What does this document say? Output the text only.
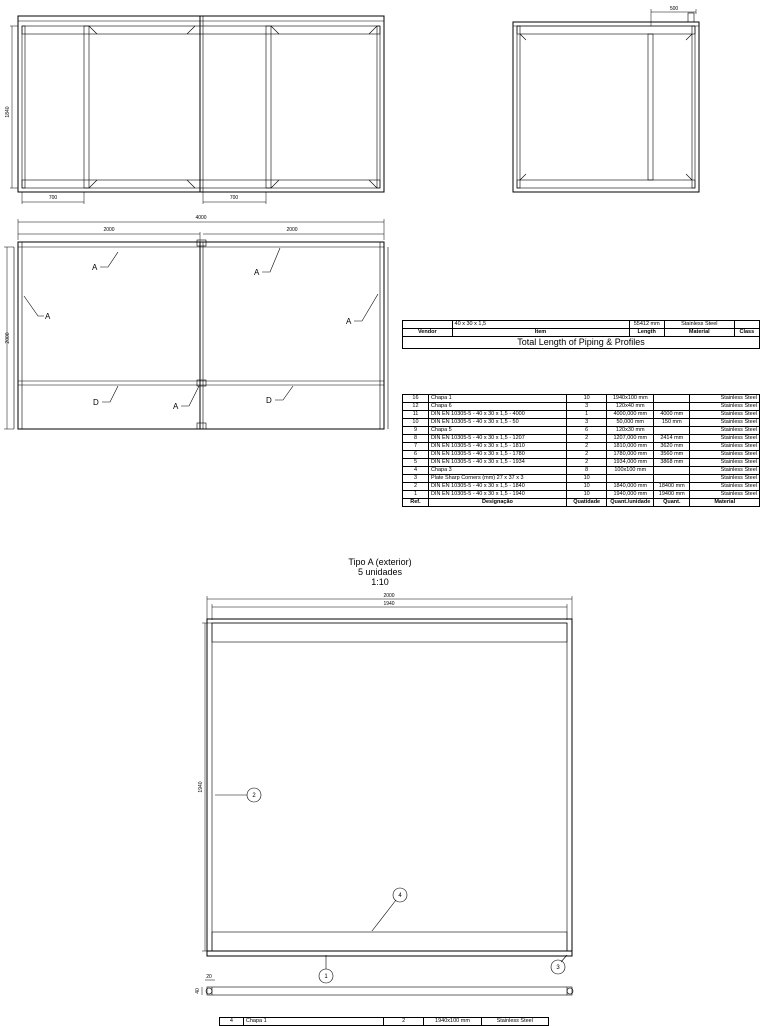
1840
700	700
500
4000
2000	2000
2000
A
A
A
A
A
D	D
2000
1940
1940
2
4
1
3
20
40
	40 x 30 x 1,5	55412 mm	Stainless Steel	
Vendor	Item	Length	Material	Class
Total Length of Piping & Profiles				
16	Chapa 1	10	1940x100 mm		Stainless Steel
12	Chapa 6	3	120x40 mm		Stainless Steel
11	DIN EN 10305-5 - 40 x 30 x 1,5 - 4000	1	4000,000 mm	4000 mm	Stainless Steel
10	DIN EN 10305-5 - 40 x 30 x 1,5 - 50	3	50,000 mm	150 mm	Stainless Steel
9	Chapa 5	6	120x30 mm		Stainless Steel
8	DIN EN 10305-5 - 40 x 30 x 1,5 - 1207	2	1207,000 mm	2414 mm	Stainless Steel
7	DIN EN 10305-5 - 40 x 30 x 1,5 - 1810	2	1810,000 mm	3620 mm	Stainless Steel
6	DIN EN 10305-5 - 40 x 30 x 1,5 - 1780	2	1780,000 mm	3560 mm	Stainless Steel
5	DIN EN 10305-5 - 40 x 30 x 1,5 - 1934	2	1934,000 mm	3868 mm	Stainless Steel
4	Chapa 3	8	100x100 mm		Stainless Steel
3	Plate Sharp Corners (mm) 27 x 37 x 3	10			Stainless Steel
2	DIN EN 10305-5 - 40 x 30 x 1,5 - 1840	10	1840,000 mm	18400 mm	Stainless Steel
1	DIN EN 10305-5 - 40 x 30 x 1,5 - 1940	10	1940,000 mm	19400 mm	Stainless Steel
Ref.	Designação	Quatidade	Quant./unidade	Quant.	Material
Tipo A (exterior)
5 unidades
1:10
4	Chapa 1	2	1940x100 mm	Stainless Steel
